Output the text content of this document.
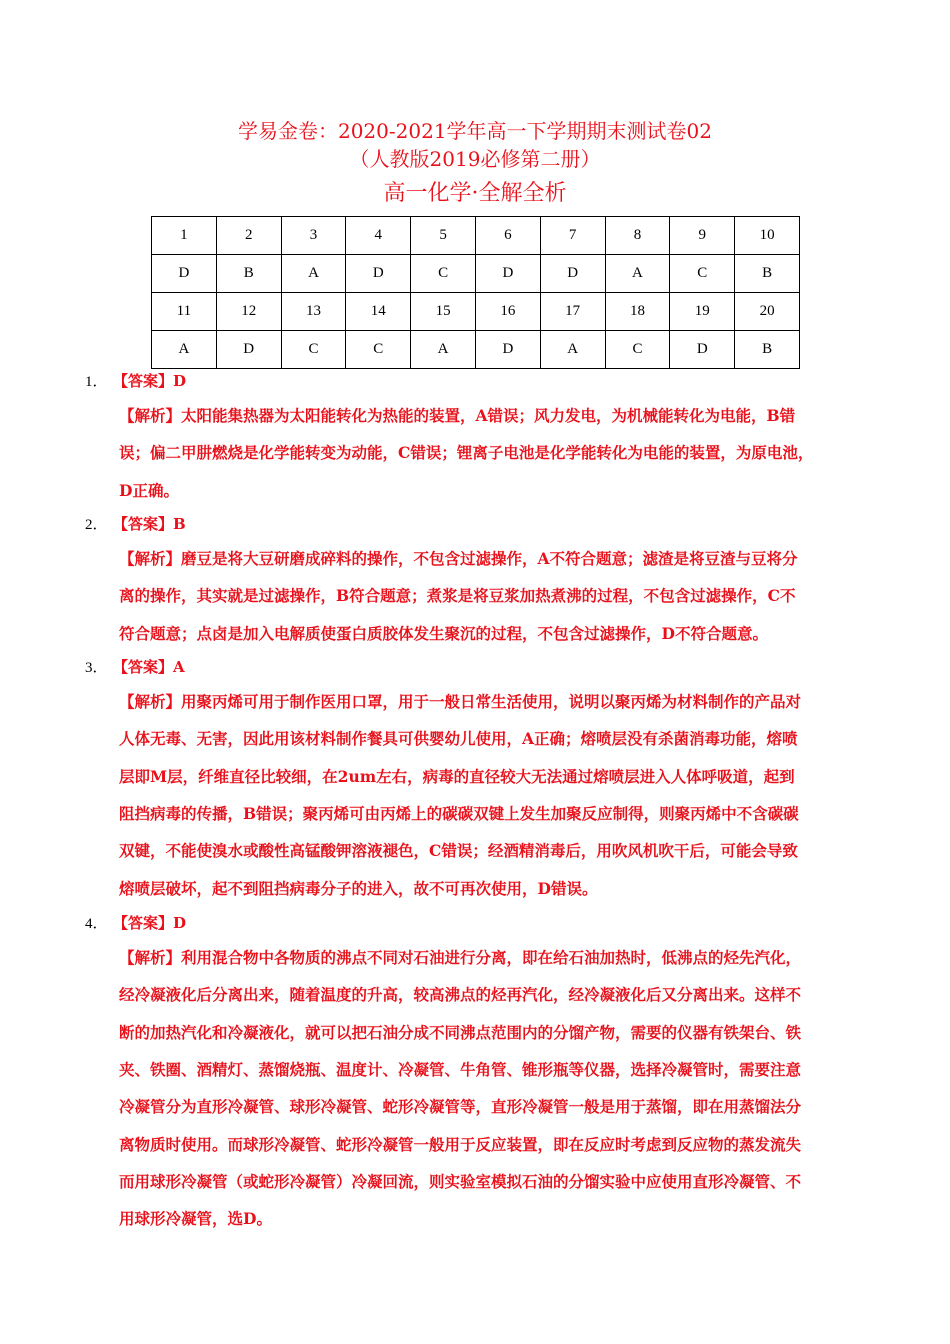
学易金卷：2020-2021学年高一下学期期末测试卷02
（人教版2019必修第二册）
高一化学·全解全析
1	2	3	4	5	6	7	8	9	10
D	B	A	D	C	D	D	A	C	B
11	12	13	14	15	16	17	18	19	20
A	D	C	C	A	D	A	C	D	B
1． 【答案】D
【解析】太阳能集热器为太阳能转化为热能的装置，A错误；风力发电，为机械能转化为电能，B错
误；偏二甲肼燃烧是化学能转变为动能，C错误；锂离子电池是化学能转化为电能的装置，为原电池，
D正确。
2． 【答案】B
【解析】磨豆是将大豆研磨成碎料的操作，不包含过滤操作，A不符合题意；滤渣是将豆渣与豆将分
离的操作，其实就是过滤操作，B符合题意；煮浆是将豆浆加热煮沸的过程，不包含过滤操作，C不
符合题意；点卤是加入电解质使蛋白质胶体发生聚沉的过程，不包含过滤操作，D不符合题意。
3． 【答案】A
【解析】用聚丙烯可用于制作医用口罩，用于一般日常生活使用，说明以聚丙烯为材料制作的产品对
人体无毒、无害，因此用该材料制作餐具可供婴幼儿使用，A正确；熔喷层没有杀菌消毒功能，熔喷
层即M层，纤维直径比较细，在2um左右，病毒的直径较大无法通过熔喷层进入人体呼吸道，起到
阻挡病毒的传播，B错误；聚丙烯可由丙烯上的碳碳双键上发生加聚反应制得，则聚丙烯中不含碳碳
双键，不能使溴水或酸性高锰酸钾溶液褪色，C错误；经酒精消毒后，用吹风机吹干后，可能会导致
熔喷层破坏，起不到阻挡病毒分子的进入，故不可再次使用，D错误。
4． 【答案】D
【解析】利用混合物中各物质的沸点不同对石油进行分离，即在给石油加热时，低沸点的烃先汽化，
经冷凝液化后分离出来，随着温度的升高，较高沸点的烃再汽化，经冷凝液化后又分离出来。这样不
断的加热汽化和冷凝液化，就可以把石油分成不同沸点范围内的分馏产物，需要的仪器有铁架台、铁
夹、铁圈、酒精灯、蒸馏烧瓶、温度计、冷凝管、牛角管、锥形瓶等仪器，选择冷凝管时，需要注意
冷凝管分为直形冷凝管、球形冷凝管、蛇形冷凝管等，直形冷凝管一般是用于蒸馏，即在用蒸馏法分
离物质时使用。而球形冷凝管、蛇形冷凝管一般用于反应装置，即在反应时考虑到反应物的蒸发流失
而用球形冷凝管（或蛇形冷凝管）冷凝回流，则实验室模拟石油的分馏实验中应使用直形冷凝管、不
用球形冷凝管，选D。
